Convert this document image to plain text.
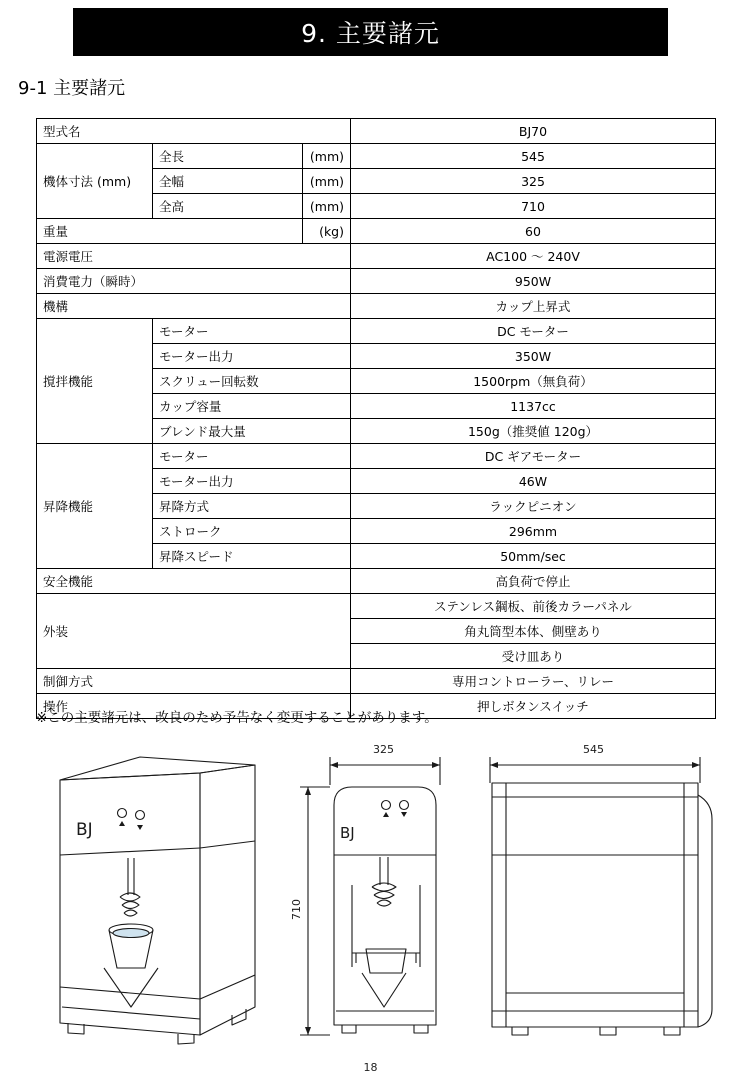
9. 主要諸元
9-1 主要諸元
型式名			BJ70
機体寸法 (mm)	全長	(mm)	545
	全幅	(mm)	325
	全高	(mm)	710
重量		(kg)	60
電源電圧			AC100 〜 240V
消費電力（瞬時）			950W
機構			カップ上昇式
撹拌機能	モーター		DC モーター
	モーター出力		350W
	スクリュー回転数		1500rpm（無負荷）
	カップ容量		1137cc
	ブレンド最大量		150g（推奨値 120g）
昇降機能	モーター		DC ギアモーター
	モーター出力		46W
	昇降方式		ラックピニオン
	ストローク		296mm
	昇降スピード		50mm/sec
安全機能			高負荷で停止
外装			ステンレス鋼板、前後カラーパネル
			角丸筒型本体、側壁あり
			受け皿あり
制御方式			専用コントローラー、リレー
操作			押しボタンスイッチ
※この主要諸元は、改良のため予告なく変更することがあります。
BJ
325
710
BJ
545
18
